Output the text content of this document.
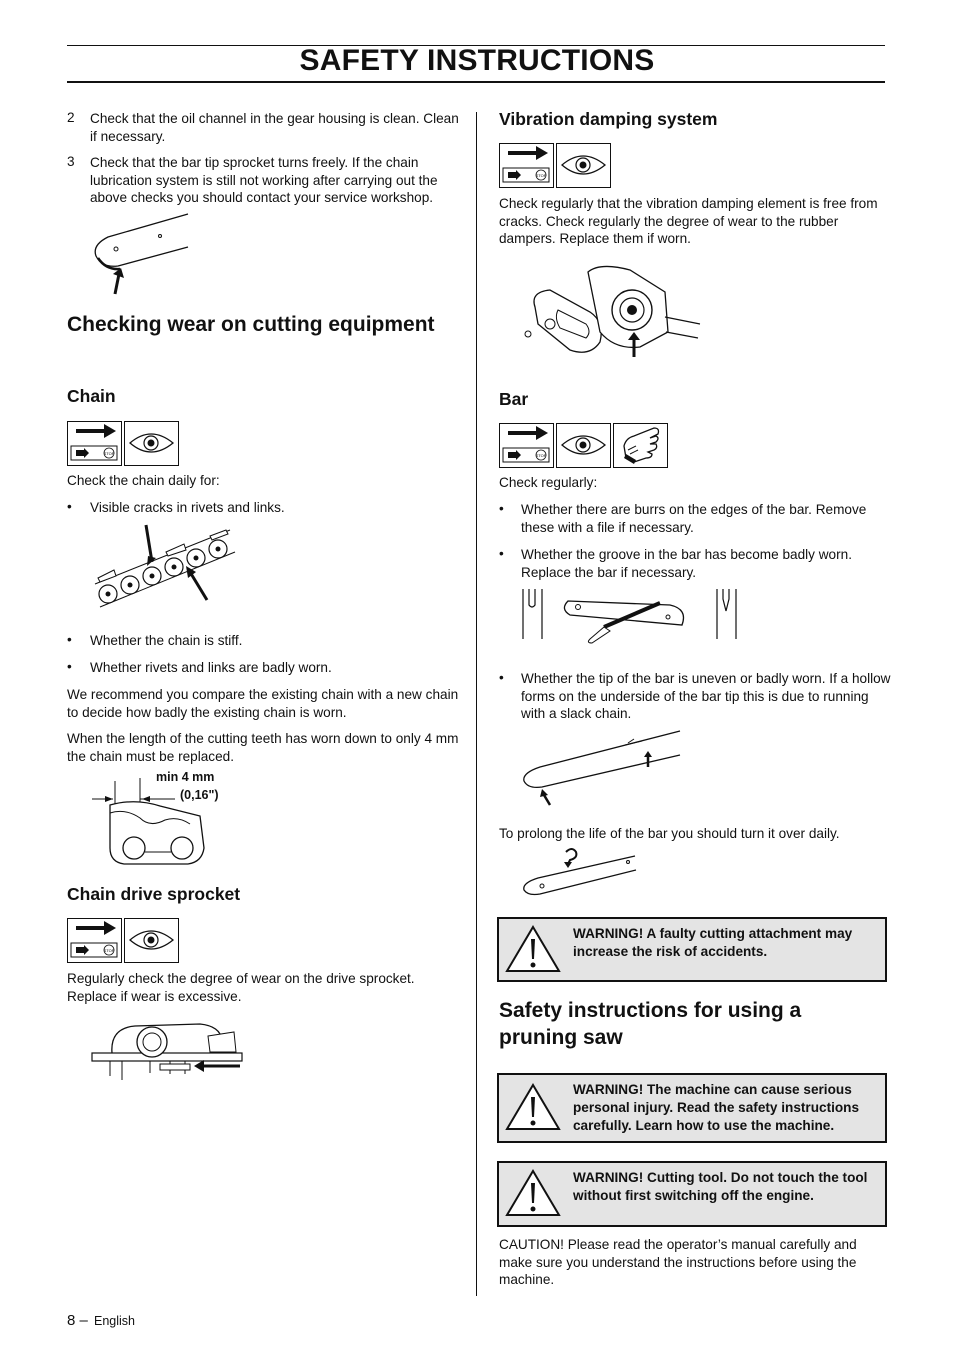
SAFETY INSTRUCTIONS
2 Check that the oil channel in the gear housing is clean. Clean if necessary.
3 Check that the bar tip sprocket turns freely. If the chain lubrication system is still not working after carrying out the above checks you should contact your service workshop.
Checking wear on cutting equipment
Chain
STOP
Check the chain daily for:
• Visible cracks in rivets and links.
• Whether the chain is stiff.
• Whether rivets and links are badly worn.
We recommend you compare the existing chain with a new chain to decide how badly the existing chain is worn.
When the length of the cutting teeth has worn down to only 4 mm the chain must be replaced.
min 4 mm
(0,16")
Chain drive sprocket
STOP
Regularly check the degree of wear on the drive sprocket. Replace if wear is excessive.
8 – English
Vibration damping system
STOP
Check regularly that the vibration damping element is free from cracks. Check regularly the degree of wear to the rubber dampers. Replace them if worn.
Bar
STOP
Check regularly:
• Whether there are burrs on the edges of the bar. Remove these with a file if necessary.
• Whether the groove in the bar has become badly worn. Replace the bar if necessary.
• Whether the tip of the bar is uneven or badly worn. If a hollow forms on the underside of the bar tip this is due to running with a slack chain.
To prolong the life of the bar you should turn it over daily.
WARNING! A faulty cutting attachment may increase the risk of accidents.
Safety instructions for using a pruning saw
WARNING! The machine can cause serious personal injury. Read the safety instructions carefully. Learn how to use the machine.
WARNING! Cutting tool. Do not touch the tool without first switching off the engine.
CAUTION! Please read the operator’s manual carefully and make sure you understand the instructions before using the machine.
